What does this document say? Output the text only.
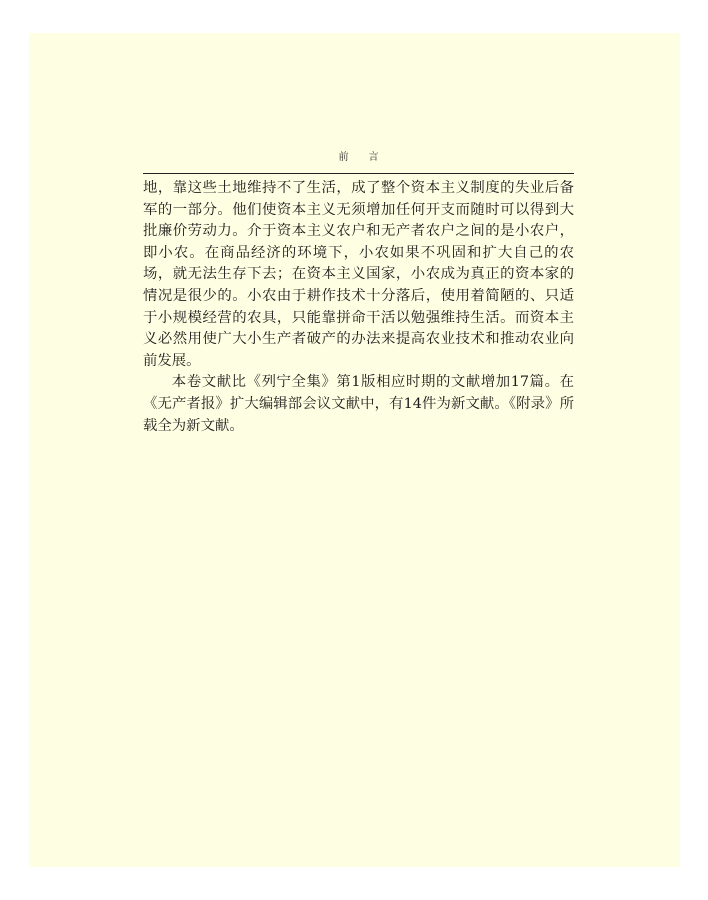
前言

地，靠这些土地维持不了生活，成了整个资本主义制度的失业后备军的一部分。他们使资本主义无须增加任何开支而随时可以得到大批廉价劳动力。介于资本主义农户和无产者农户之间的是小农户，即小农。在商品经济的环境下，小农如果不巩固和扩大自己的农场，就无法生存下去；在资本主义国家，小农成为真正的资本家的情况是很少的。小农由于耕作技术十分落后，使用着简陋的、只适于小规模经营的农具，只能靠拼命干活以勉强维持生活。而资本主义必然用使广大小生产者破产的办法来提高农业技术和推动农业向前发展。

本卷文献比《列宁全集》第1版相应时期的文献增加17篇。在《无产者报》扩大编辑部会议文献中，有14件为新文献。《附录》所载全为新文献。
